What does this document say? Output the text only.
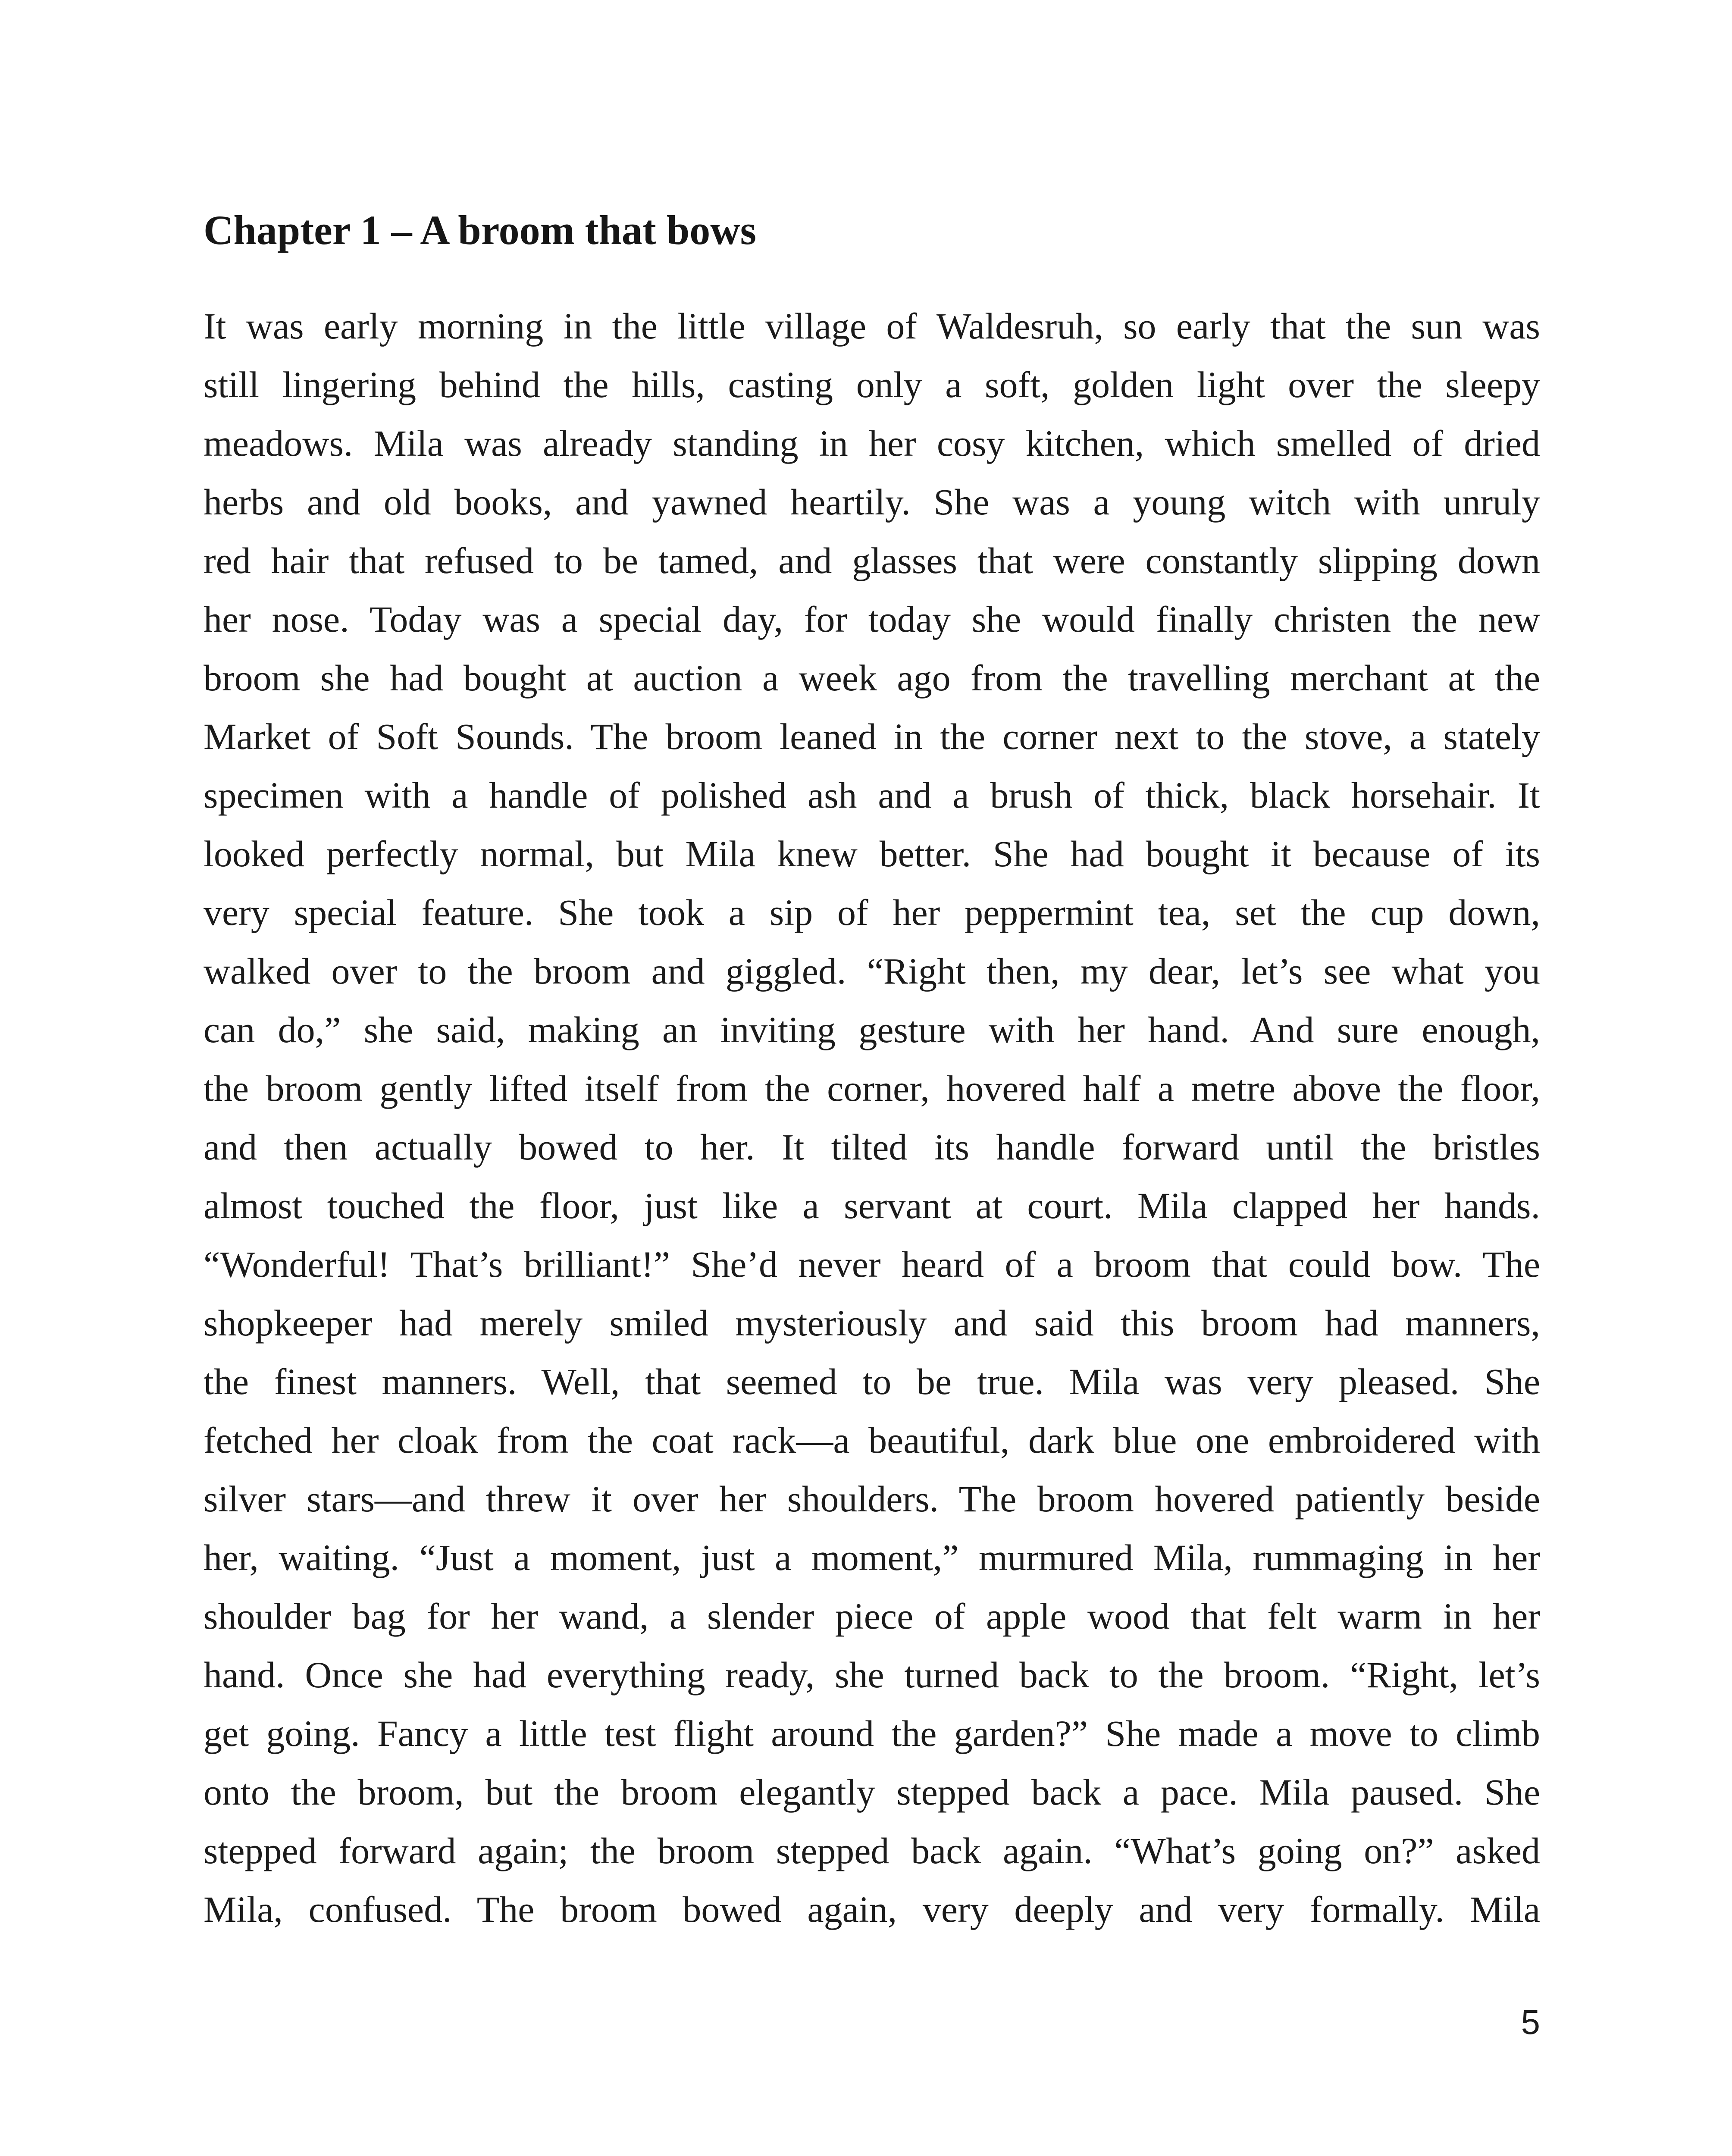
Chapter 1 – A broom that bows
It was early morning in the little village of Waldesruh, so early that the sun was
still lingering behind the hills, casting only a soft, golden light over the sleepy
meadows. Mila was already standing in her cosy kitchen, which smelled of dried
herbs and old books, and yawned heartily. She was a young witch with unruly
red hair that refused to be tamed, and glasses that were constantly slipping down
her nose. Today was a special day, for today she would finally christen the new
broom she had bought at auction a week ago from the travelling merchant at the
Market of Soft Sounds. The broom leaned in the corner next to the stove, a stately
specimen with a handle of polished ash and a brush of thick, black horsehair. It
looked perfectly normal, but Mila knew better. She had bought it because of its
very special feature. She took a sip of her peppermint tea, set the cup down,
walked over to the broom and giggled. “Right then, my dear, let’s see what you
can do,” she said, making an inviting gesture with her hand. And sure enough,
the broom gently lifted itself from the corner, hovered half a metre above the floor,
and then actually bowed to her. It tilted its handle forward until the bristles
almost touched the floor, just like a servant at court. Mila clapped her hands.
“Wonderful! That’s brilliant!” She’d never heard of a broom that could bow. The
shopkeeper had merely smiled mysteriously and said this broom had manners,
the finest manners. Well, that seemed to be true. Mila was very pleased. She
fetched her cloak from the coat rack—a beautiful, dark blue one embroidered with
silver stars—and threw it over her shoulders. The broom hovered patiently beside
her, waiting. “Just a moment, just a moment,” murmured Mila, rummaging in her
shoulder bag for her wand, a slender piece of apple wood that felt warm in her
hand. Once she had everything ready, she turned back to the broom. “Right, let’s
get going. Fancy a little test flight around the garden?” She made a move to climb
onto the broom, but the broom elegantly stepped back a pace. Mila paused. She
stepped forward again; the broom stepped back again. “What’s going on?” asked
Mila, confused. The broom bowed again, very deeply and very formally. Mila
5
